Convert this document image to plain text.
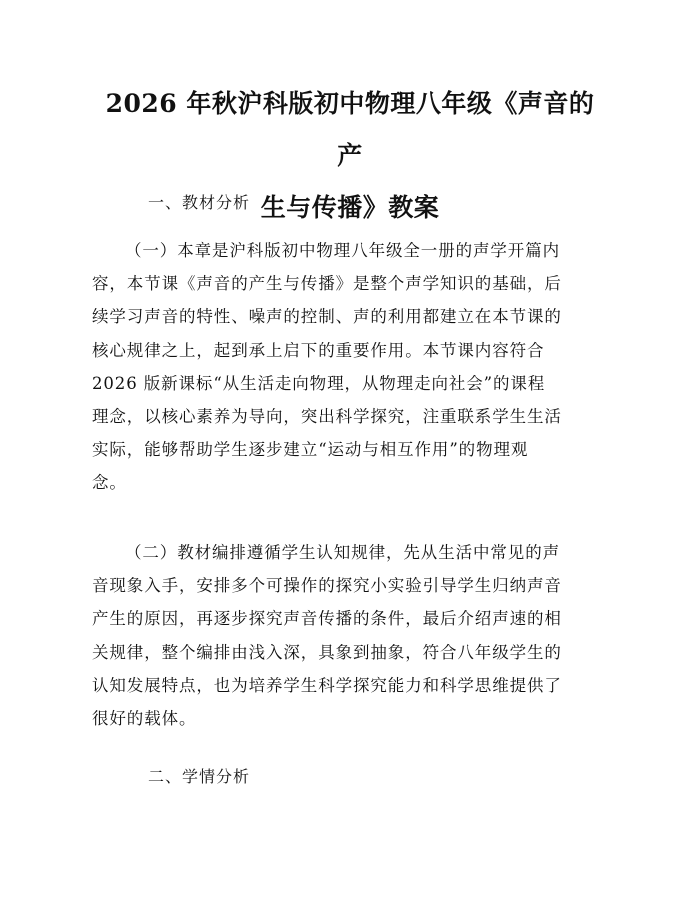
2026 年秋沪科版初中物理八年级《声音的产
生与传播》教案
一、教材分析
（一）本章是沪科版初中物理八年级全一册的声学开篇内
容，本节课《声音的产生与传播》是整个声学知识的基础，后
续学习声音的特性、噪声的控制、声的利用都建立在本节课的
核心规律之上，起到承上启下的重要作用。本节课内容符合
2026 版新课标“从生活走向物理，从物理走向社会”的课程
理念，以核心素养为导向，突出科学探究，注重联系学生生活
实际，能够帮助学生逐步建立“运动与相互作用”的物理观
念。
（二）教材编排遵循学生认知规律，先从生活中常见的声
音现象入手，安排多个可操作的探究小实验引导学生归纳声音
产生的原因，再逐步探究声音传播的条件，最后介绍声速的相
关规律，整个编排由浅入深，具象到抽象，符合八年级学生的
认知发展特点，也为培养学生科学探究能力和科学思维提供了
很好的载体。
二、学情分析
